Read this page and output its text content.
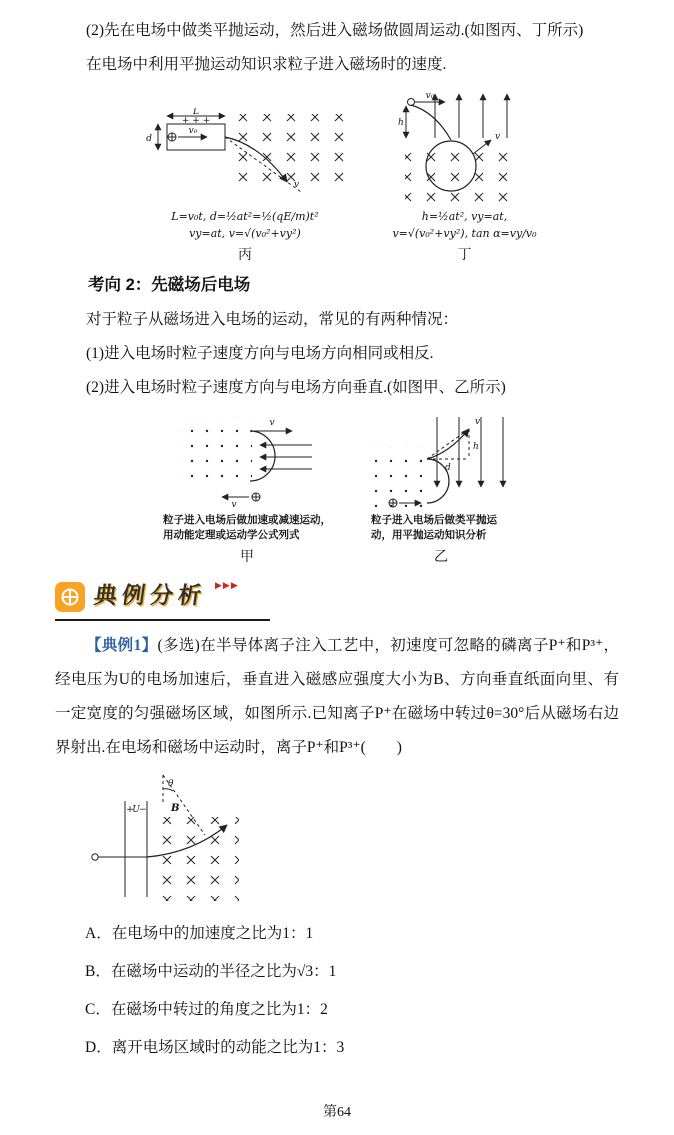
(2)先在电场中做类平抛运动，然后进入磁场做圆周运动.(如图丙、丁所示)

在电场中利用平抛运动知识求粒子进入磁场时的速度.

L
+ + +
d
v₀
v
L=v₀t, d=½at²=½(qE/m)t²
vy=at, v=√(v₀²+vy²)
丙
v₀
h
v
h=½at², vy=at,
v=√(v₀²+vy²), tan α=vy/v₀
丁
考向 2：先磁场后电场

对于粒子从磁场进入电场的运动，常见的有两种情况：

(1)进入电场时粒子速度方向与电场方向相同或相反.

(2)进入电场时粒子速度方向与电场方向垂直.(如图甲、乙所示)

v
v
粒子进入电场后做加速或减速运动，用动能定理或运动学公式列式
甲
h
d
v
粒子进入电场后做类平抛运动，用平抛运动知识分析
乙
典例分析 ▶▶▶

【典例1】(多选)在半导体离子注入工艺中，初速度可忽略的磷离子P⁺和P³⁺，经电压为U的电场加速后，垂直进入磁感应强度大小为B、方向垂直纸面向里、有一定宽度的匀强磁场区域，如图所示.已知离子P⁺在磁场中转过θ=30°后从磁场右边界射出.在电场和磁场中运动时，离子P⁺和P³⁺(　　)

θ
+
U − B
A．在电场中的加速度之比为1：1
B．在磁场中运动的半径之比为√3：1
C．在磁场中转过的角度之比为1：2
D．离开电场区域时的动能之比为1：3
第64
